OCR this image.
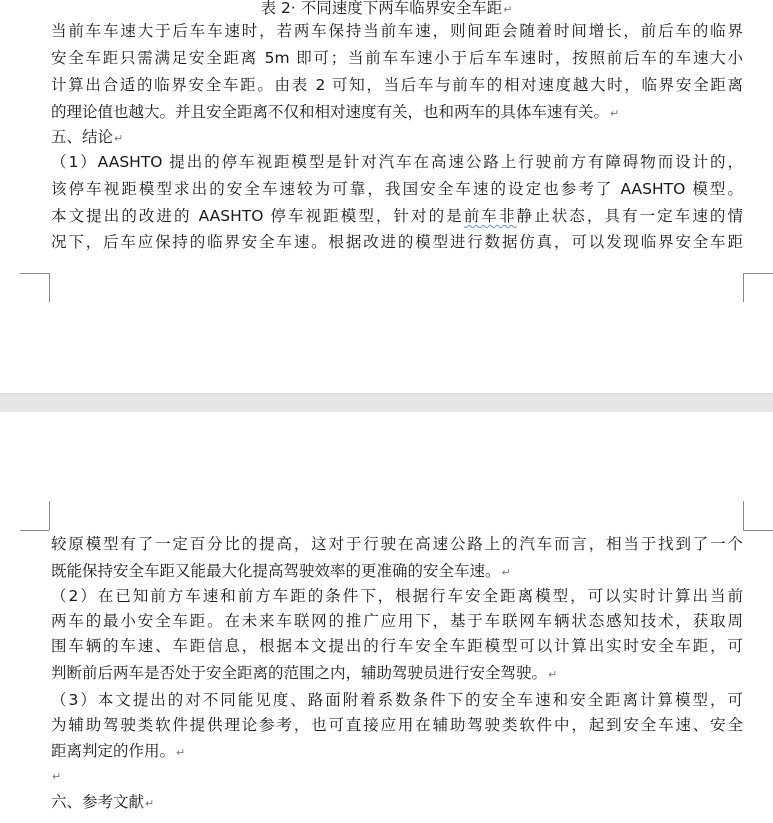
表 2· 不同速度下两车临界安全车距↵
当前车车速大于后车车速时，若两车保持当前车速，则间距会随着时间增长，前后车的临界
安全车距只需满足安全距离 5m 即可；当前车车速小于后车车速时，按照前后车的车速大小
计算出合适的临界安全车距。由表 2 可知，当后车与前车的相对速度越大时，临界安全距离
的理论值也越大。并且安全距离不仅和相对速度有关，也和两车的具体车速有关。↵
五、结论↵
（1）AASHTO 提出的停车视距模型是针对汽车在高速公路上行驶前方有障碍物而设计的，
该停车视距模型求出的安全车速较为可靠，我国安全车速的设定也参考了 AASHTO 模型。
本文提出的改进的 AASHTO 停车视距模型，针对的是前车非静止状态，具有一定车速的情
况下，后车应保持的临界安全车速。根据改进的模型进行数据仿真，可以发现临界安全车距
较原模型有了一定百分比的提高，这对于行驶在高速公路上的汽车而言，相当于找到了一个
既能保持安全车距又能最大化提高驾驶效率的更准确的安全车速。↵
（2）在已知前方车速和前方车距的条件下，根据行车安全距离模型，可以实时计算出当前
两车的最小安全车距。在未来车联网的推广应用下，基于车联网车辆状态感知技术，获取周
围车辆的车速、车距信息，根据本文提出的行车安全车距模型可以计算出实时安全车距，可
判断前后两车是否处于安全距离的范围之内，辅助驾驶员进行安全驾驶。↵
（3）本文提出的对不同能见度、路面附着系数条件下的安全车速和安全距离计算模型，可
为辅助驾驶类软件提供理论参考，也可直接应用在辅助驾驶类软件中，起到安全车速、安全
距离判定的作用。↵
↵
六、参考文献↵
